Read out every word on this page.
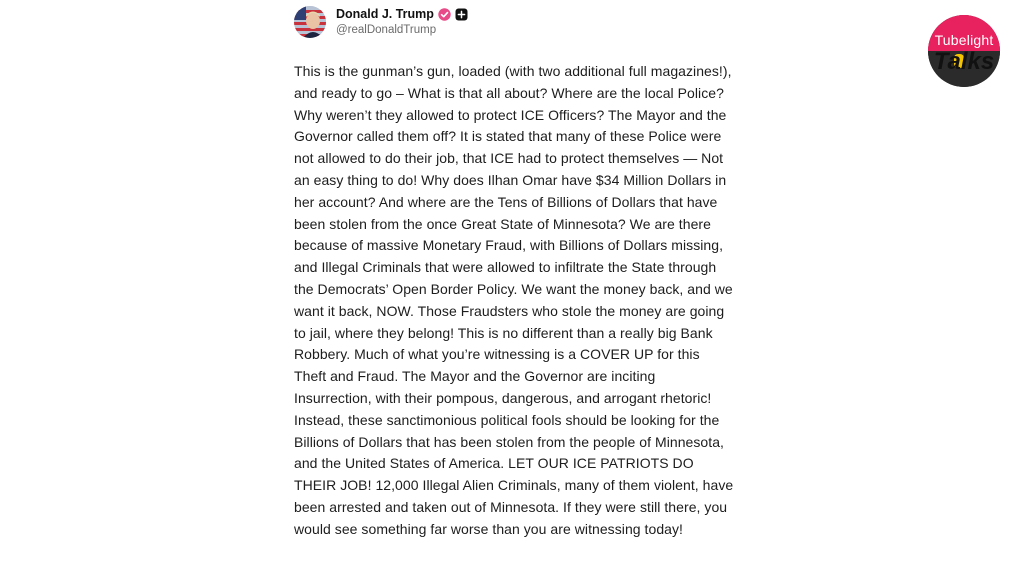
Donald J. Trump
@realDonaldTrump
This is the gunman’s gun, loaded (with two additional full magazines!), and ready to go – What is that all about? Where are the local Police? Why weren’t they allowed to protect ICE Officers? The Mayor and the Governor called them off? It is stated that many of these Police were not allowed to do their job, that ICE had to protect themselves — Not an easy thing to do! Why does Ilhan Omar have $34 Million Dollars in her account? And where are the Tens of Billions of Dollars that have been stolen from the once Great State of Minnesota? We are there because of massive Monetary Fraud, with Billions of Dollars missing, and Illegal Criminals that were allowed to infiltrate the State through the Democrats’ Open Border Policy. We want the money back, and we want it back, NOW. Those Fraudsters who stole the money are going to jail, where they belong! This is no different than a really big Bank Robbery. Much of what you’re witnessing is a COVER UP for this Theft and Fraud. The Mayor and the Governor are inciting Insurrection, with their pompous, dangerous, and arrogant rhetoric! Instead, these sanctimonious political fools should be looking for the Billions of Dollars that has been stolen from the people of Minnesota, and the United States of America. LET OUR ICE PATRIOTS DO THEIR JOB! 12,000 Illegal Alien Criminals, many of them violent, have been arrested and taken out of Minnesota. If they were still there, you would see something far worse than you are witnessing today!
Tubelight
Talks
